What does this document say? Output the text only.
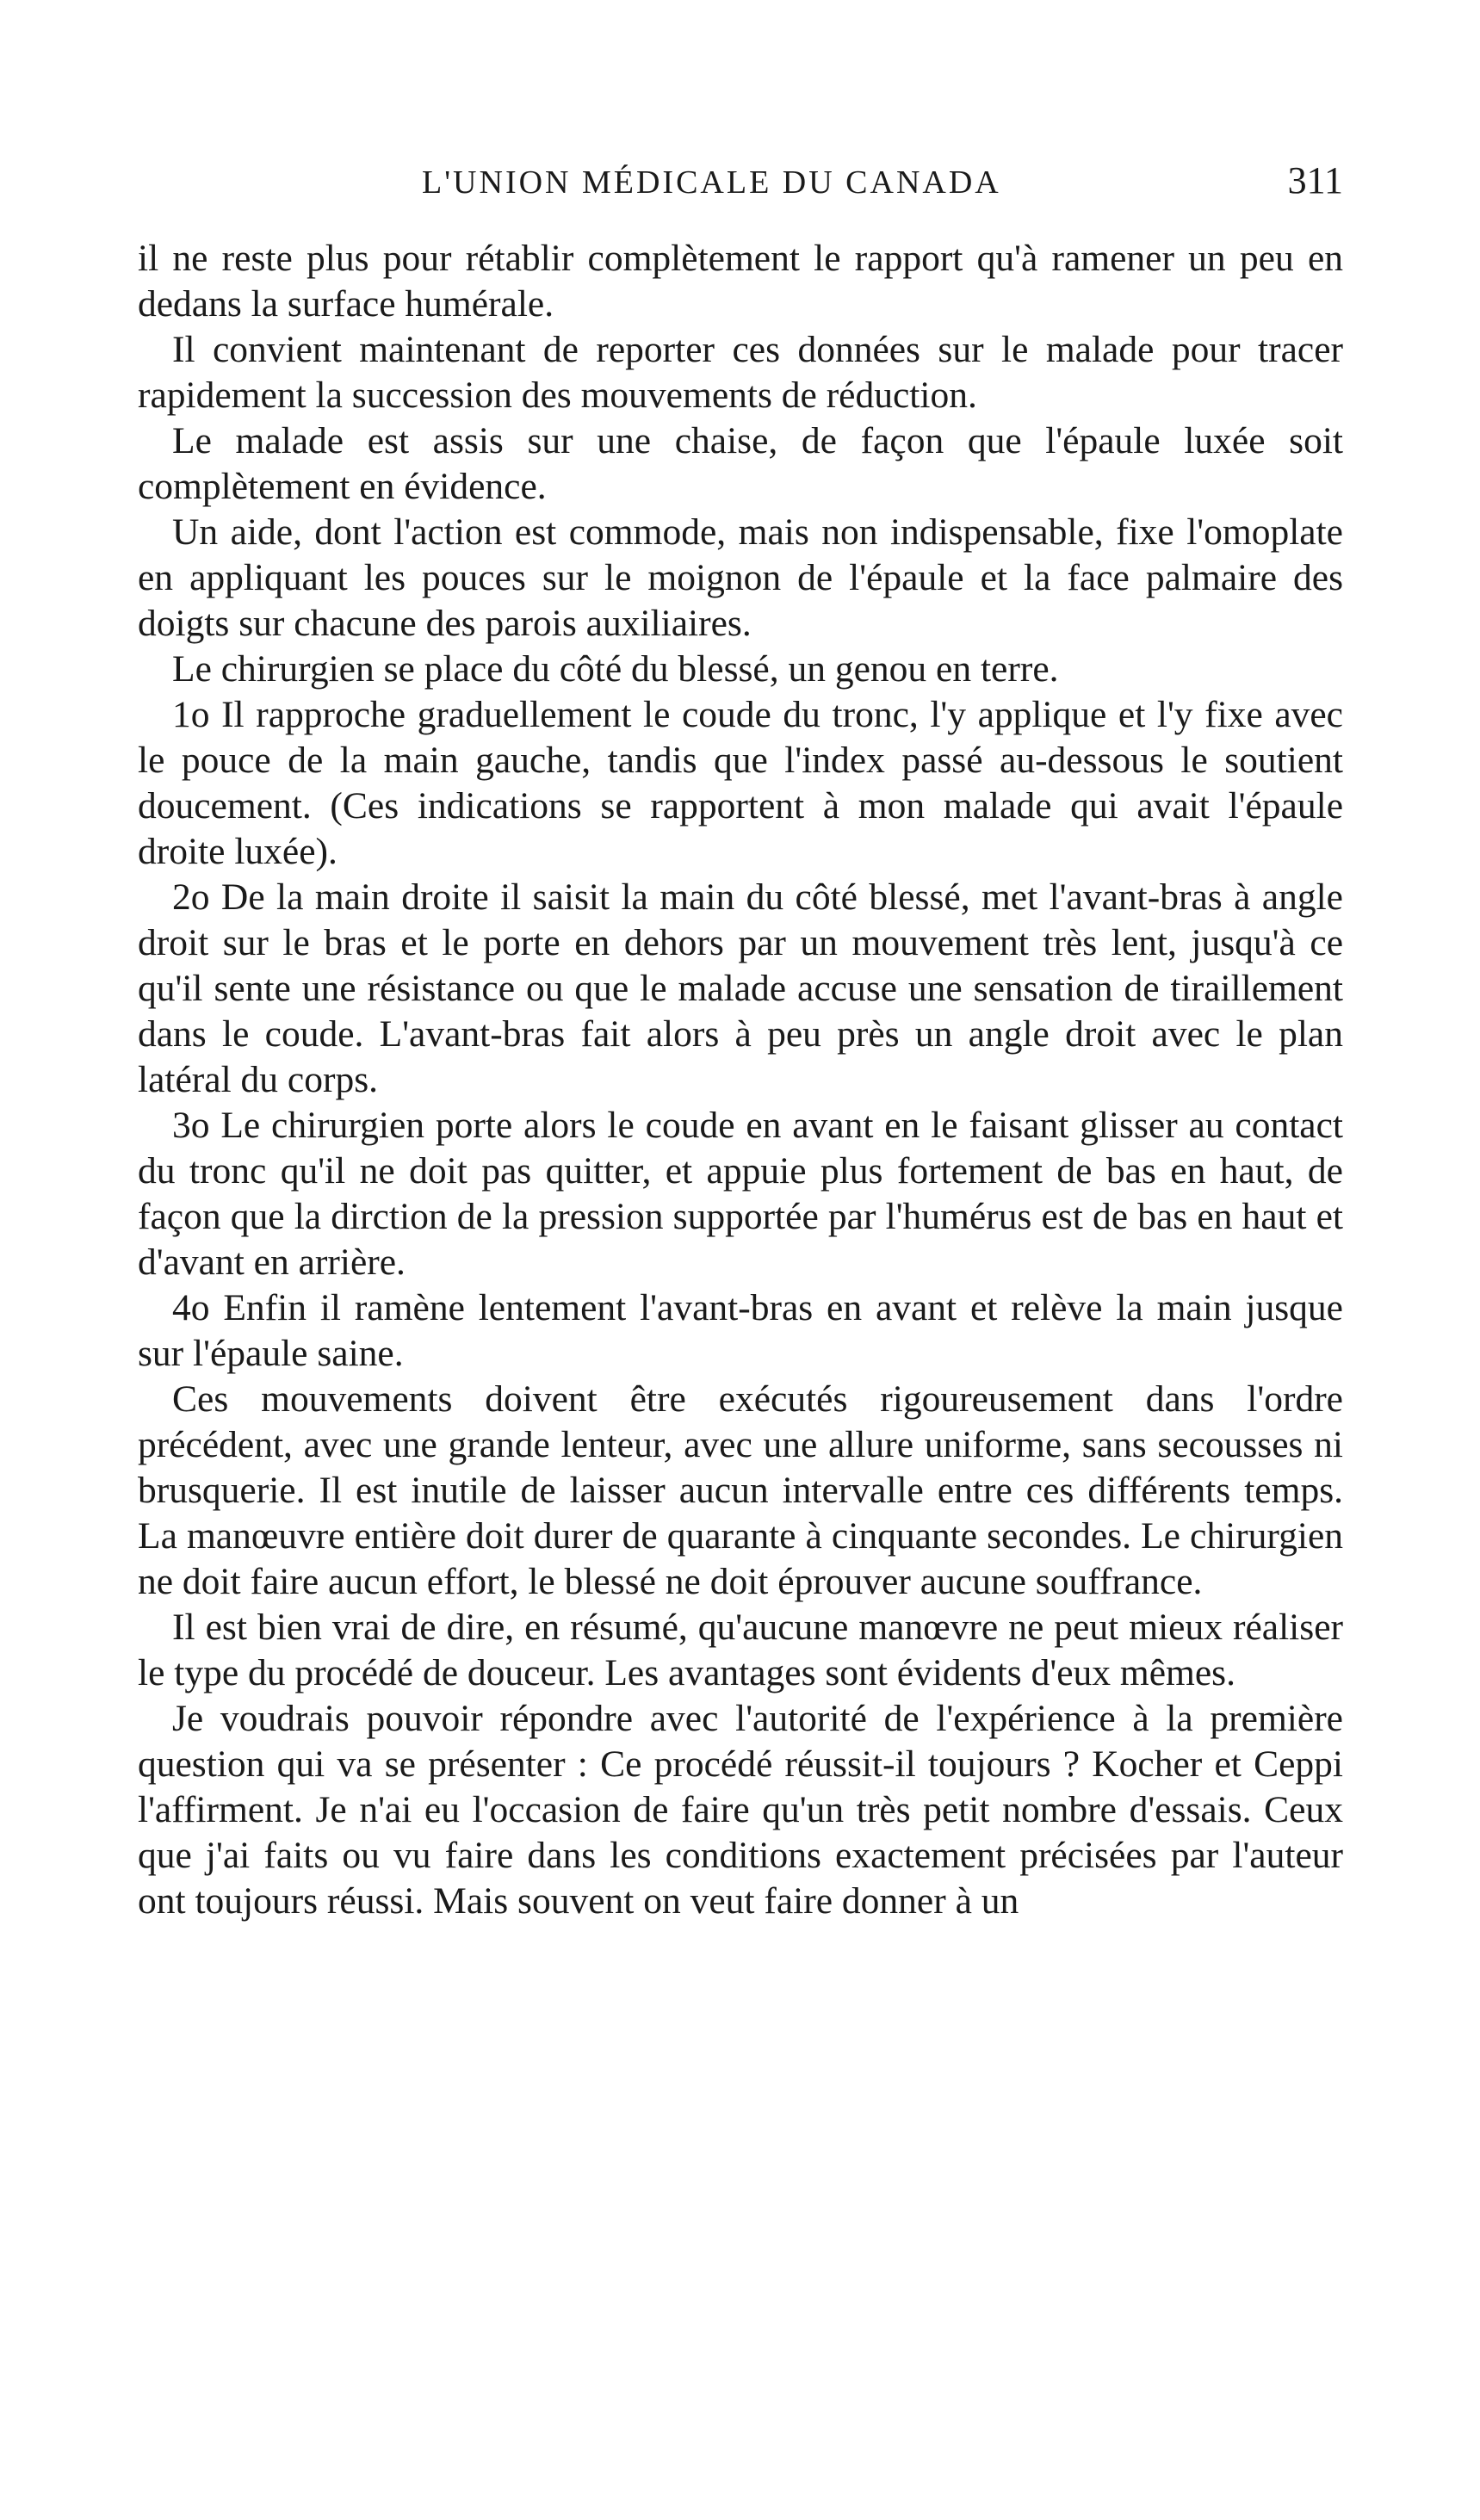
L'UNION MÉDICALE DU CANADA	311

il ne reste plus pour rétablir complètement le rapport qu'à ramener un peu en dedans la surface humérale.

Il convient maintenant de reporter ces données sur le malade pour tracer rapidement la succession des mouvements de réduction.

Le malade est assis sur une chaise, de façon que l'épaule luxée soit complètement en évidence.

Un aide, dont l'action est commode, mais non indispensable, fixe l'omoplate en appliquant les pouces sur le moignon de l'épaule et la face palmaire des doigts sur chacune des parois auxiliaires.

Le chirurgien se place du côté du blessé, un genou en terre.

1o Il rapproche graduellement le coude du tronc, l'y applique et l'y fixe avec le pouce de la main gauche, tandis que l'index passé au-dessous le soutient doucement. (Ces indications se rapportent à mon malade qui avait l'épaule droite luxée).

2o De la main droite il saisit la main du côté blessé, met l'avant-bras à angle droit sur le bras et le porte en dehors par un mouvement très lent, jusqu'à ce qu'il sente une résistance ou que le malade accuse une sensation de tiraillement dans le coude. L'avant-bras fait alors à peu près un angle droit avec le plan latéral du corps.

3o Le chirurgien porte alors le coude en avant en le faisant glisser au contact du tronc qu'il ne doit pas quitter, et appuie plus fortement de bas en haut, de façon que la dirction de la pression supportée par l'humérus est de bas en haut et d'avant en arrière.

4o Enfin il ramène lentement l'avant-bras en avant et relève la main jusque sur l'épaule saine.

Ces mouvements doivent être exécutés rigoureusement dans l'ordre précédent, avec une grande lenteur, avec une allure uniforme, sans secousses ni brusquerie. Il est inutile de laisser aucun intervalle entre ces différents temps. La manœuvre entière doit durer de quarante à cinquante secondes. Le chirurgien ne doit faire aucun effort, le blessé ne doit éprouver aucune souffrance.

Il est bien vrai de dire, en résumé, qu'aucune manœvre ne peut mieux réaliser le type du procédé de douceur. Les avantages sont évidents d'eux mêmes.

Je voudrais pouvoir répondre avec l'autorité de l'expérience à la première question qui va se présenter : Ce procédé réussit-il toujours ? Kocher et Ceppi l'affirment. Je n'ai eu l'occasion de faire qu'un très petit nombre d'essais. Ceux que j'ai faits ou vu faire dans les conditions exactement précisées par l'auteur ont toujours réussi. Mais souvent on veut faire donner à un
